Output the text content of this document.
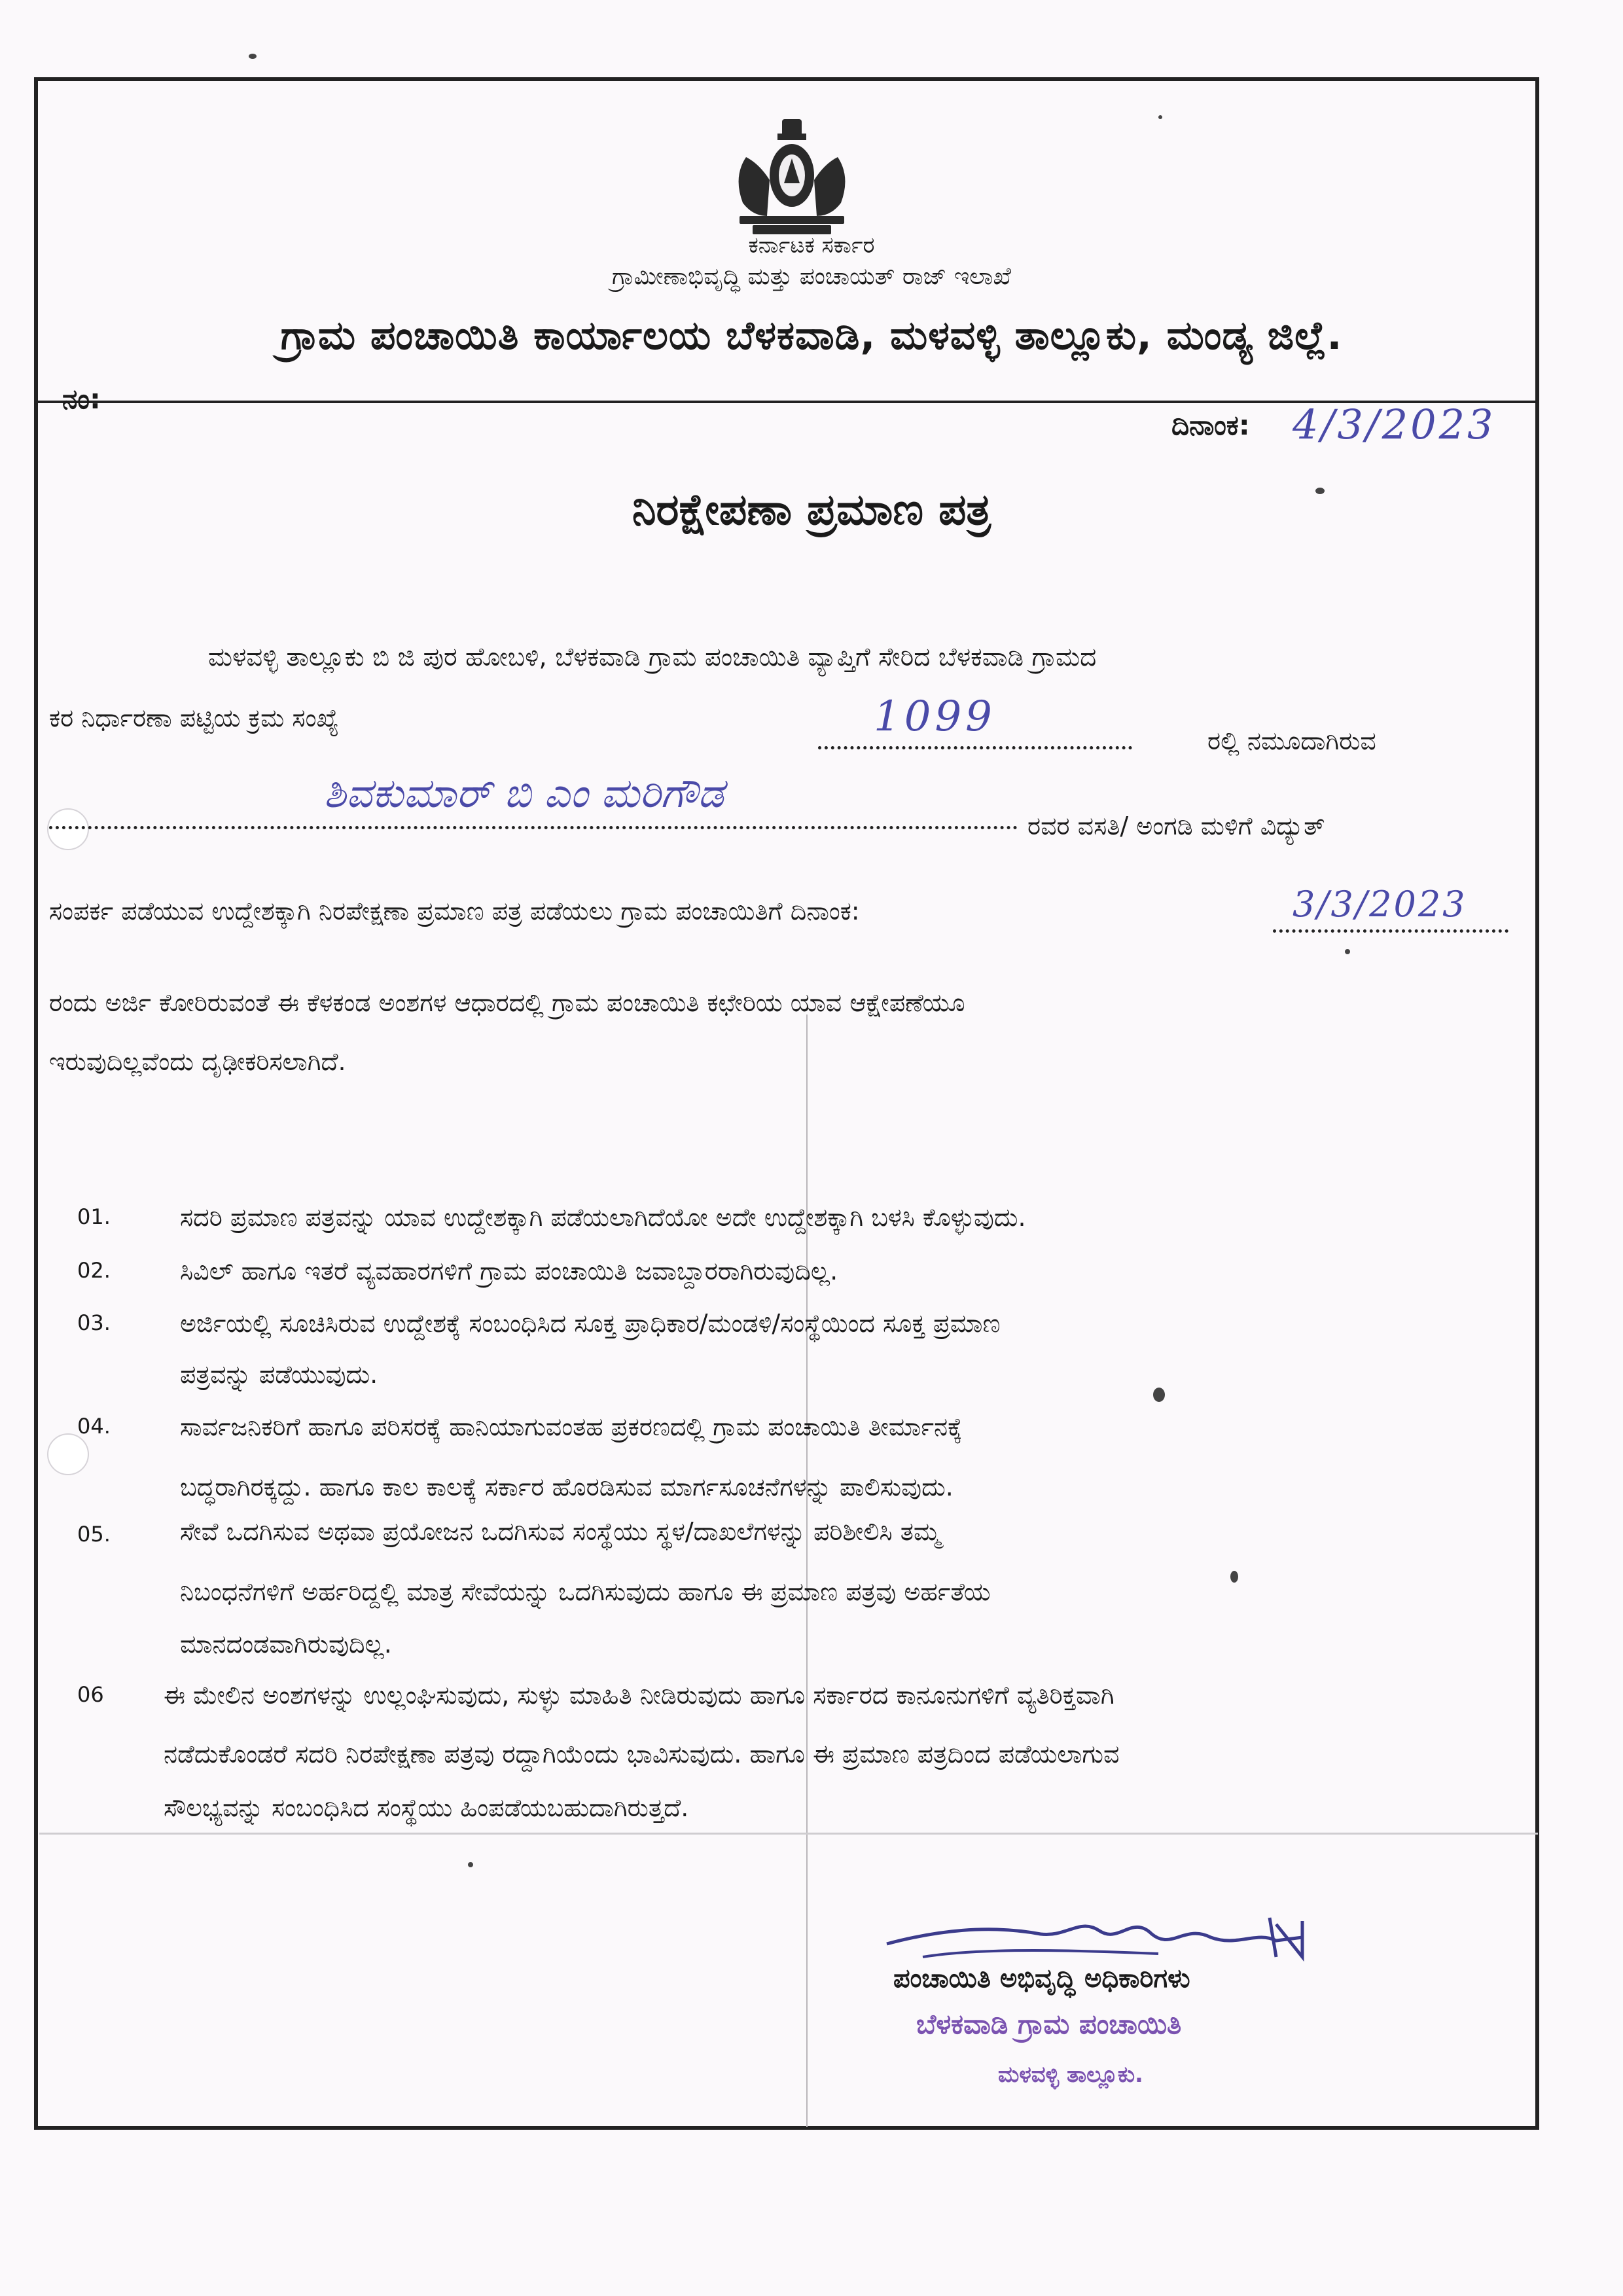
ಕರ್ನಾಟಕ ಸರ್ಕಾರ
ಗ್ರಾಮೀಣಾಭಿವೃದ್ಧಿ ಮತ್ತು ಪಂಚಾಯತ್ ರಾಜ್ ಇಲಾಖೆ
ಗ್ರಾಮ ಪಂಚಾಯಿತಿ ಕಾರ್ಯಾಲಯ ಬೆಳಕವಾಡಿ, ಮಳವಳ್ಳಿ ತಾಲ್ಲೂಕು, ಮಂಡ್ಯ ಜಿಲ್ಲೆ.
ನಂ:
ದಿನಾಂಕ: 4/3/2023
ನಿರಕ್ಷೇಪಣಾ ಪ್ರಮಾಣ ಪತ್ರ
ಮಳವಳ್ಳಿ ತಾಲ್ಲೂಕು ಬಿ ಜಿ ಪುರ ಹೋಬಳಿ, ಬೆಳಕವಾಡಿ ಗ್ರಾಮ ಪಂಚಾಯಿತಿ ವ್ಯಾಪ್ತಿಗೆ ಸೇರಿದ ಬೆಳಕವಾಡಿ ಗ್ರಾಮದ
ಕರ ನಿರ್ಧಾರಣಾ ಪಟ್ಟಿಯ ಕ್ರಮ ಸಂಖ್ಯೆ	1099	ರಲ್ಲಿ ನಮೂದಾಗಿರುವ
ಶಿವಕುಮಾರ್ ಬಿ ಎಂ ಮರಿಗೌಡ
ರವರ ವಸತಿ/ ಅಂಗಡಿ ಮಳಿಗೆ ವಿದ್ಯುತ್
ಸಂಪರ್ಕ ಪಡೆಯುವ ಉದ್ದೇಶಕ್ಕಾಗಿ ನಿರಪೇಕ್ಷಣಾ ಪ್ರಮಾಣ ಪತ್ರ ಪಡೆಯಲು ಗ್ರಾಮ ಪಂಚಾಯಿತಿಗೆ ದಿನಾಂಕ:	3/3/2023
ರಂದು ಅರ್ಜಿ ಕೋರಿರುವಂತೆ ಈ ಕೆಳಕಂಡ ಅಂಶಗಳ ಆಧಾರದಲ್ಲಿ ಗ್ರಾಮ ಪಂಚಾಯಿತಿ ಕಛೇರಿಯ ಯಾವ ಆಕ್ಷೇಪಣೆಯೂ
ಇರುವುದಿಲ್ಲವೆಂದು ದೃಢೀಕರಿಸಲಾಗಿದೆ.
01.	ಸದರಿ ಪ್ರಮಾಣ ಪತ್ರವನ್ನು ಯಾವ ಉದ್ದೇಶಕ್ಕಾಗಿ ಪಡೆಯಲಾಗಿದೆಯೋ ಅದೇ ಉದ್ದೇಶಕ್ಕಾಗಿ ಬಳಸಿ ಕೊಳ್ಳುವುದು.
02.	ಸಿವಿಲ್ ಹಾಗೂ ಇತರೆ ವ್ಯವಹಾರಗಳಿಗೆ ಗ್ರಾಮ ಪಂಚಾಯಿತಿ ಜವಾಬ್ದಾರರಾಗಿರುವುದಿಲ್ಲ.
03.	ಅರ್ಜಿಯಲ್ಲಿ ಸೂಚಿಸಿರುವ ಉದ್ದೇಶಕ್ಕೆ ಸಂಬಂಧಿಸಿದ ಸೂಕ್ತ ಪ್ರಾಧಿಕಾರ/ಮಂಡಳಿ/ಸಂಸ್ಥೆಯಿಂದ ಸೂಕ್ತ ಪ್ರಮಾಣ
ಪತ್ರವನ್ನು ಪಡೆಯುವುದು.
04.	ಸಾರ್ವಜನಿಕರಿಗೆ ಹಾಗೂ ಪರಿಸರಕ್ಕೆ ಹಾನಿಯಾಗುವಂತಹ ಪ್ರಕರಣದಲ್ಲಿ ಗ್ರಾಮ ಪಂಚಾಯಿತಿ ತೀರ್ಮಾನಕ್ಕೆ
ಬದ್ಧರಾಗಿರಕ್ಕದ್ದು. ಹಾಗೂ ಕಾಲ ಕಾಲಕ್ಕೆ ಸರ್ಕಾರ ಹೊರಡಿಸುವ ಮಾರ್ಗಸೂಚನೆಗಳನ್ನು ಪಾಲಿಸುವುದು.
05.	ಸೇವೆ ಒದಗಿಸುವ ಅಥವಾ ಪ್ರಯೋಜನ ಒದಗಿಸುವ ಸಂಸ್ಥೆಯು ಸ್ಥಳ/ದಾಖಲೆಗಳನ್ನು ಪರಿಶೀಲಿಸಿ ತಮ್ಮ
ನಿಬಂಧನೆಗಳಿಗೆ ಅರ್ಹರಿದ್ದಲ್ಲಿ ಮಾತ್ರ ಸೇವೆಯನ್ನು ಒದಗಿಸುವುದು ಹಾಗೂ ಈ ಪ್ರಮಾಣ ಪತ್ರವು ಅರ್ಹತೆಯ
ಮಾನದಂಡವಾಗಿರುವುದಿಲ್ಲ.
06 ಈ ಮೇಲಿನ ಅಂಶಗಳನ್ನು ಉಲ್ಲಂಘಿಸುವುದು, ಸುಳ್ಳು ಮಾಹಿತಿ ನೀಡಿರುವುದು ಹಾಗೂ ಸರ್ಕಾರದ ಕಾನೂನುಗಳಿಗೆ ವ್ಯತಿರಿಕ್ತವಾಗಿ
ನಡೆದುಕೊಂಡರೆ ಸದರಿ ನಿರಪೇಕ್ಷಣಾ ಪತ್ರವು ರದ್ದಾಗಿಯೆಂದು ಭಾವಿಸುವುದು. ಹಾಗೂ ಈ ಪ್ರಮಾಣ ಪತ್ರದಿಂದ ಪಡೆಯಲಾಗುವ
ಸೌಲಭ್ಯವನ್ನು ಸಂಬಂಧಿಸಿದ ಸಂಸ್ಥೆಯು ಹಿಂಪಡೆಯಬಹುದಾಗಿರುತ್ತದೆ.
ಪಂಚಾಯಿತಿ ಅಭಿವೃದ್ಧಿ ಅಧಿಕಾರಿಗಳು
ಬೆಳಕವಾಡಿ ಗ್ರಾಮ ಪಂಚಾಯಿತಿ
ಮಳವಳ್ಳಿ ತಾಲ್ಲೂಕು.
